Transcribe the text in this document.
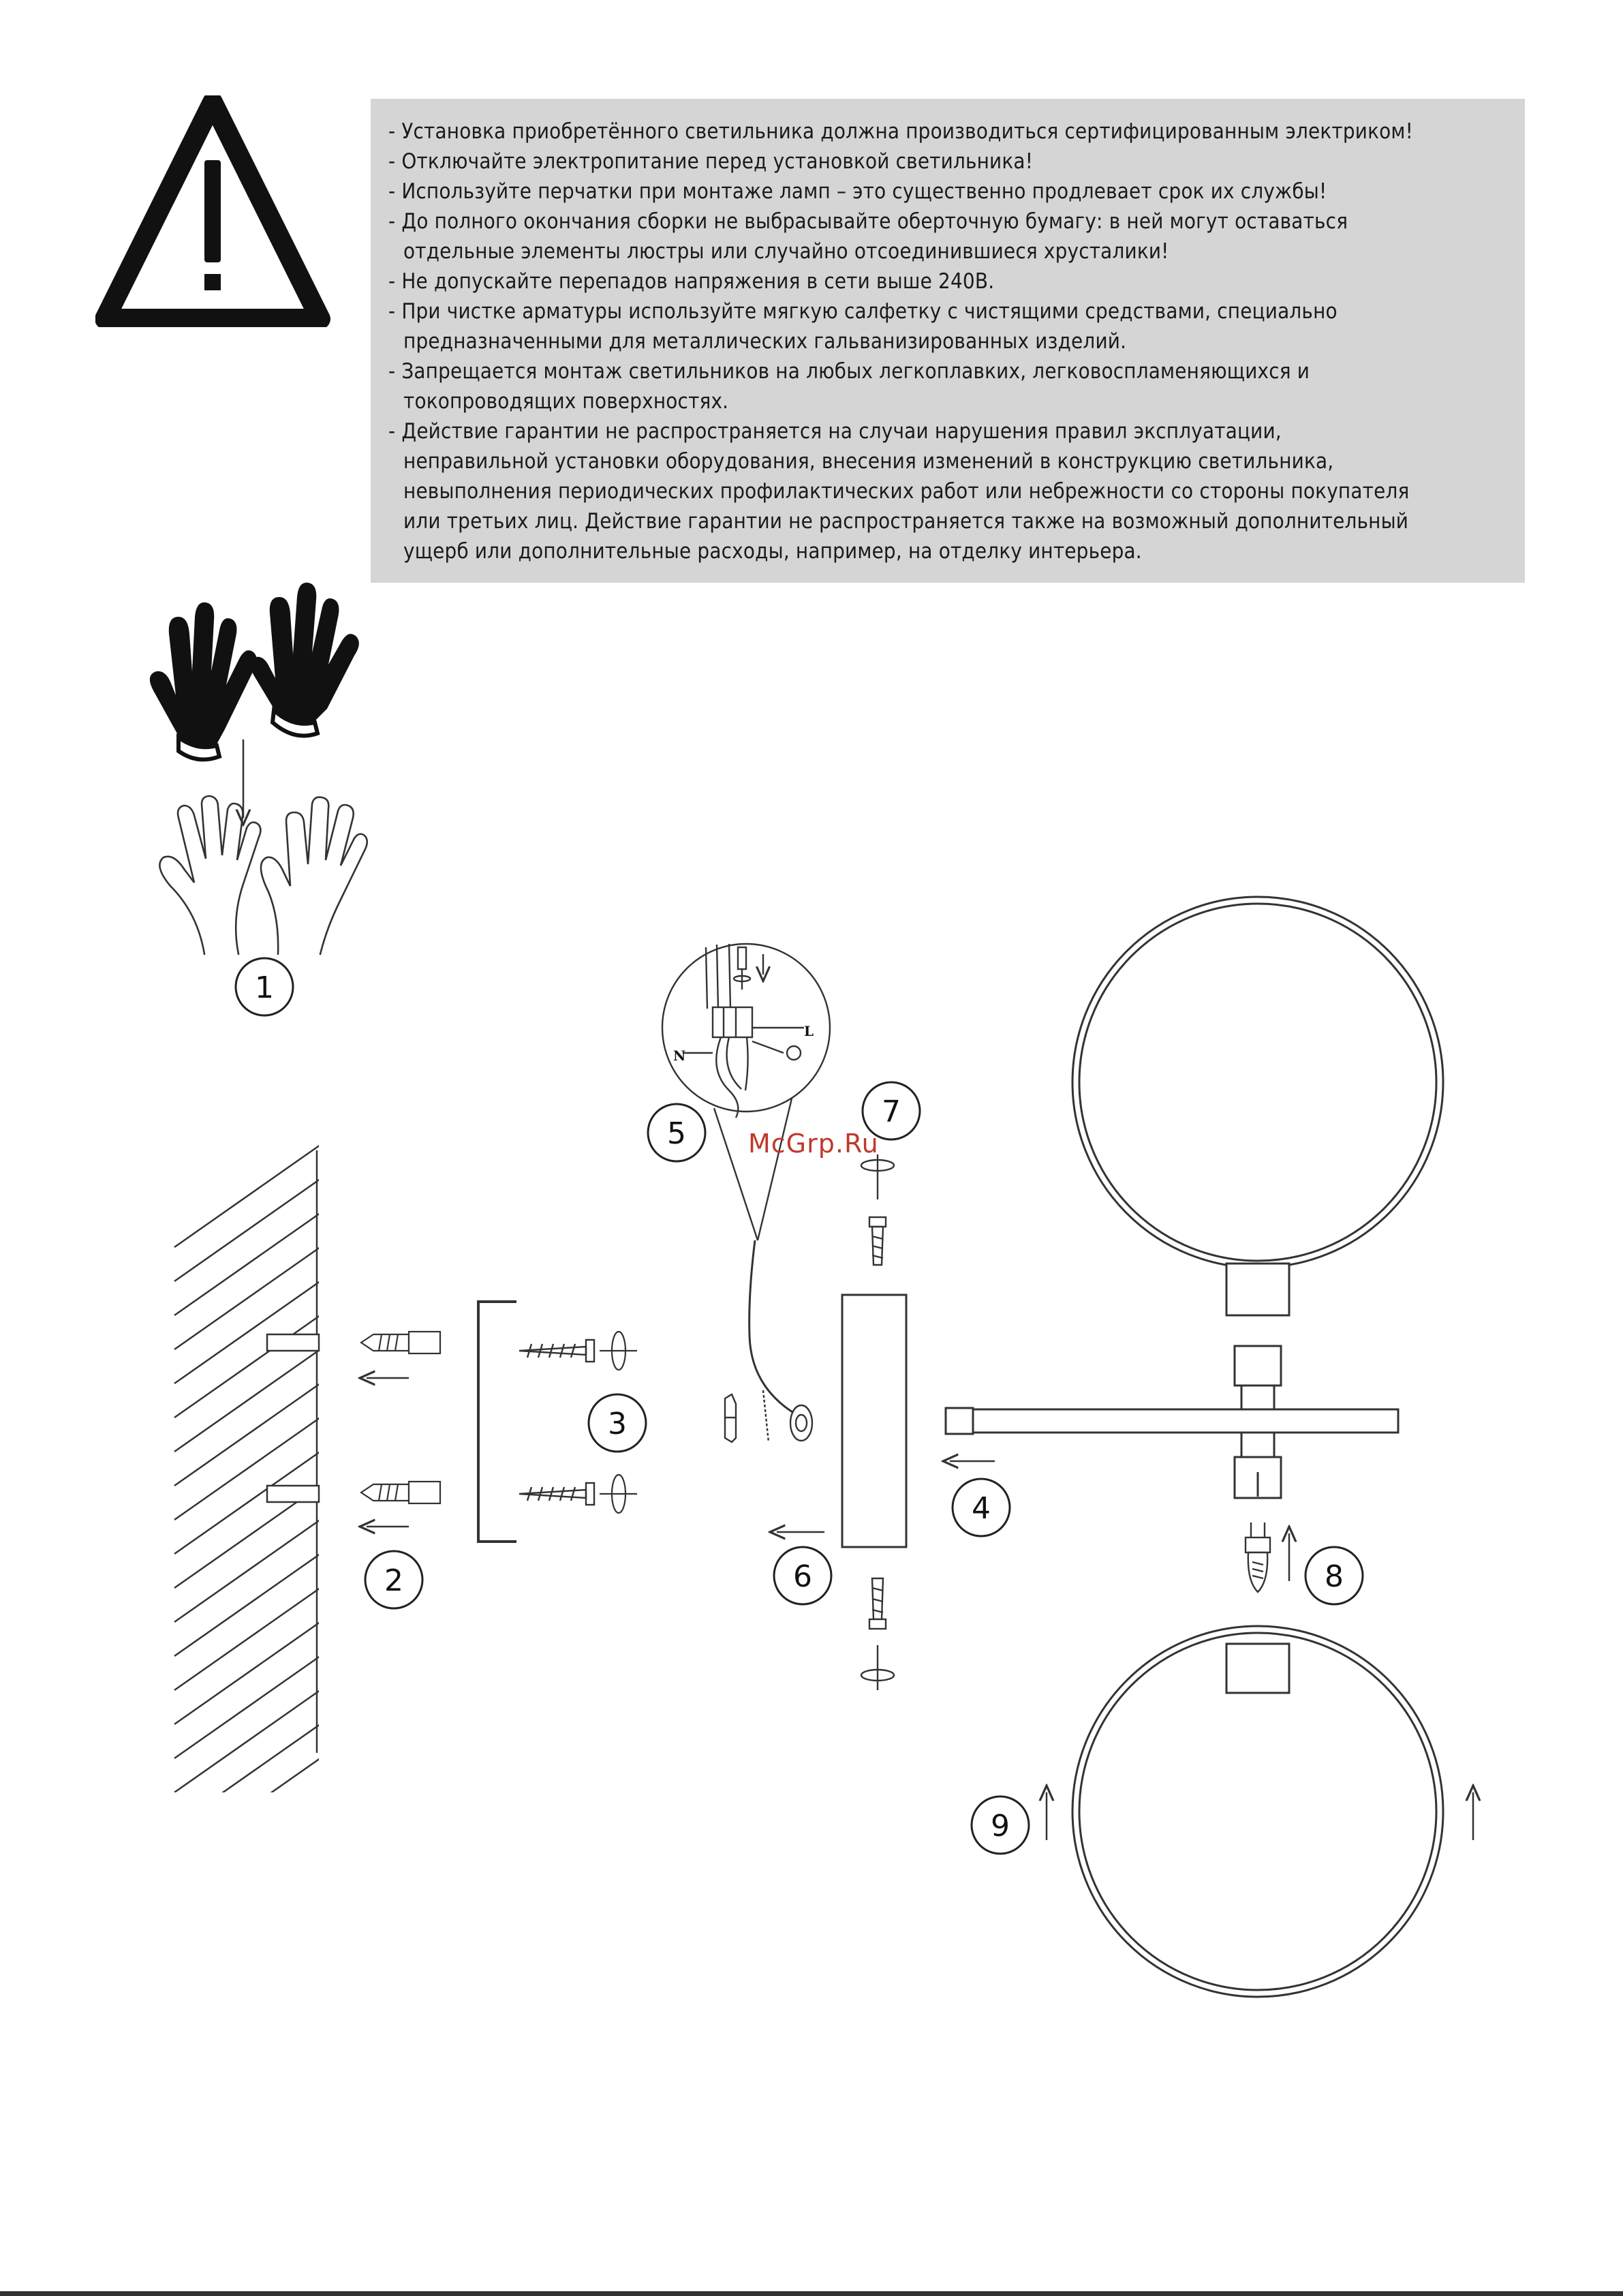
- Установка приобретённого светильника должна производиться сертифицированным электриком!
- Отключайте электропитание перед установкой светильника!
- Используйте перчатки при монтаже ламп – это существенно продлевает срок их службы!
- До полного окончания сборки не выбрасывайте оберточную бумагу: в ней могут оставаться
отдельные элементы люстры или случайно отсоединившиеся хрусталики!
- Не допускайте перепадов напряжения в сети выше 240В.
- При чистке арматуры используйте мягкую салфетку с чистящими средствами, специально
предназначенными для металлических гальванизированных изделий.
- Запрещается монтаж светильников на любых легкоплавких, легковоспламеняющихся и
токопроводящих поверхностях.
- Действие гарантии не распространяется на случаи нарушения правил эксплуатации,
неправильной установки оборудования, внесения изменений в конструкцию светильника,
невыполнения периодических профилактических работ или небрежности со стороны покупателя
или третьих лиц. Действие гарантии не распространяется также на возможный дополнительный
ущерб или дополнительные расходы, например, на отделку интерьера.
N
L
1
2
3
4
5
6
7
8
9
McGrp.Ru
